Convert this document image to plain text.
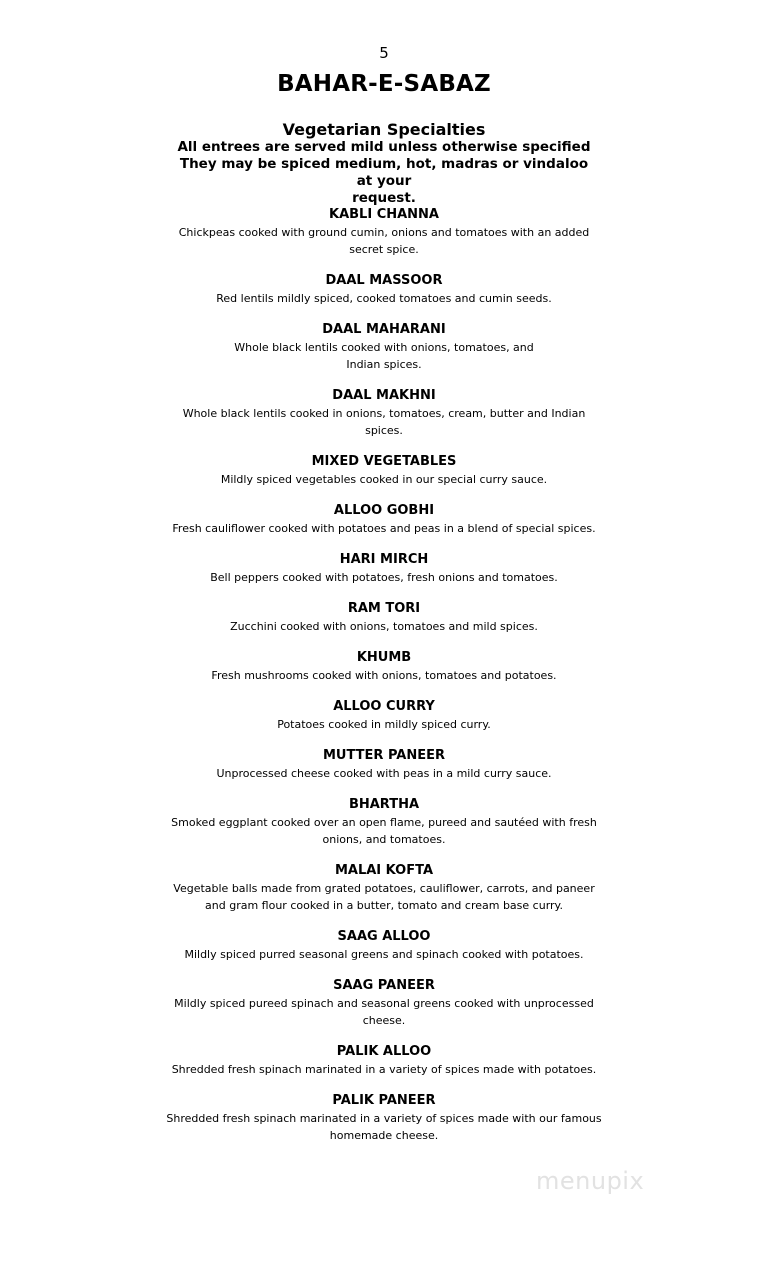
5
BAHAR-E-SABAZ
Vegetarian Specialties
All entrees are served mild unless otherwise specified
They may be spiced medium, hot, madras or vindaloo at your
request.
KABLI CHANNA
Chickpeas cooked with ground cumin, onions and tomatoes with an added secret spice.
DAAL MASSOOR
Red lentils mildly spiced, cooked tomatoes and cumin seeds.
DAAL MAHARANI
Whole black lentils cooked with onions, tomatoes, and Indian spices.
DAAL MAKHNI
Whole black lentils cooked in onions, tomatoes, cream, butter and Indian spices.
MIXED VEGETABLES
Mildly spiced vegetables cooked in our special curry sauce.
ALLOO GOBHI
Fresh cauliflower cooked with potatoes and peas in a blend of special spices.
HARI MIRCH
Bell peppers cooked with potatoes, fresh onions and tomatoes.
RAM TORI
Zucchini cooked with onions, tomatoes and mild spices.
KHUMB
Fresh mushrooms cooked with onions, tomatoes and potatoes.
ALLOO CURRY
Potatoes cooked in mildly spiced curry.
MUTTER PANEER
Unprocessed cheese cooked with peas in a mild curry sauce.
BHARTHA
Smoked eggplant cooked over an open flame, pureed and sautéed with fresh onions, and tomatoes.
MALAI KOFTA
Vegetable balls made from grated potatoes, cauliflower, carrots, and paneer and gram flour cooked in a butter, tomato and cream base curry.
SAAG ALLOO
Mildly spiced purred seasonal greens and spinach cooked with potatoes.
SAAG PANEER
Mildly spiced pureed spinach and seasonal greens cooked with unprocessed cheese.
PALIK ALLOO
Shredded fresh spinach marinated in a variety of spices made with potatoes.
PALIK PANEER
Shredded fresh spinach marinated in a variety of spices made with our famous homemade cheese.
menupix
